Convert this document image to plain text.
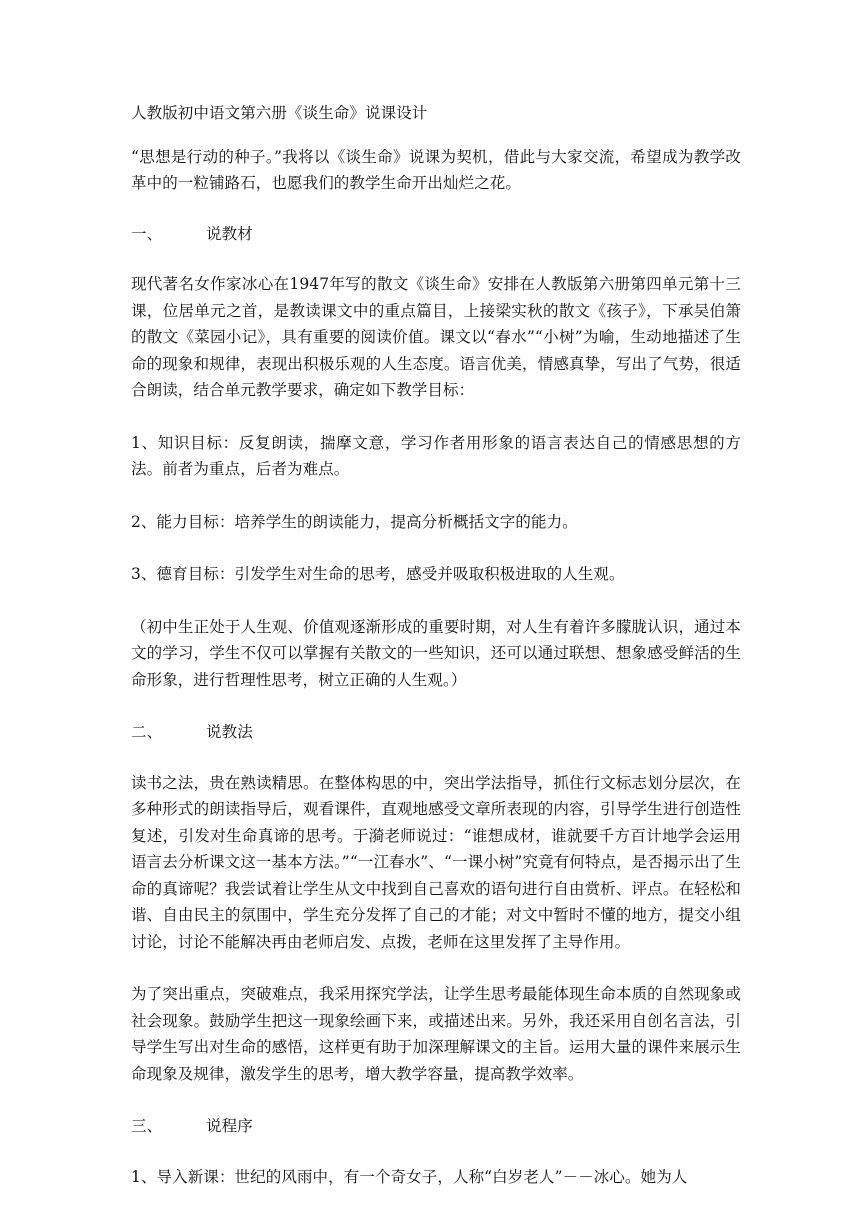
人教版初中语文第六册《谈生命》说课设计

“思想是行动的种子。”我将以《谈生命》说课为契机，借此与大家交流，希望成为教学改革中的一粒铺路石，也愿我们的教学生命开出灿烂之花。

一、	说教材

现代著名女作家冰心在1947年写的散文《谈生命》安排在人教版第六册第四单元第十三课，位居单元之首，是教读课文中的重点篇目，上接梁实秋的散文《孩子》，下承吴伯箫的散文《菜园小记》，具有重要的阅读价值。课文以“春水”“小树”为喻，生动地描述了生命的现象和规律，表现出积极乐观的人生态度。语言优美，情感真挚，写出了气势，很适合朗读，结合单元教学要求，确定如下教学目标：

1、知识目标：反复朗读，揣摩文意，学习作者用形象的语言表达自己的情感思想的方法。前者为重点，后者为难点。

2、能力目标：培养学生的朗读能力，提高分析概括文字的能力。

3、德育目标：引发学生对生命的思考，感受并吸取积极进取的人生观。

（初中生正处于人生观、价值观逐渐形成的重要时期，对人生有着许多朦胧认识，通过本文的学习，学生不仅可以掌握有关散文的一些知识，还可以通过联想、想象感受鲜活的生命形象，进行哲理性思考，树立正确的人生观。）

二、	说教法

读书之法，贵在熟读精思。在整体构思的中，突出学法指导，抓住行文标志划分层次，在多种形式的朗读指导后，观看课件，直观地感受文章所表现的内容，引导学生进行创造性复述，引发对生命真谛的思考。于漪老师说过：“谁想成材，谁就要千方百计地学会运用语言去分析课文这一基本方法。”“一江春水”、“一课小树”究竟有何特点，是否揭示出了生命的真谛呢？我尝试着让学生从文中找到自己喜欢的语句进行自由赏析、评点。在轻松和谐、自由民主的氛围中，学生充分发挥了自己的才能；对文中暂时不懂的地方，提交小组讨论，讨论不能解决再由老师启发、点拨，老师在这里发挥了主导作用。

为了突出重点，突破难点，我采用探究学法，让学生思考最能体现生命本质的自然现象或社会现象。鼓励学生把这一现象绘画下来，或描述出来。另外，我还采用自创名言法，引导学生写出对生命的感悟，这样更有助于加深理解课文的主旨。运用大量的课件来展示生命现象及规律，激发学生的思考，增大教学容量，提高教学效率。

三、	说程序

1、导入新课：世纪的风雨中，有一个奇女子，人称“白岁老人”－－冰心。她为人
